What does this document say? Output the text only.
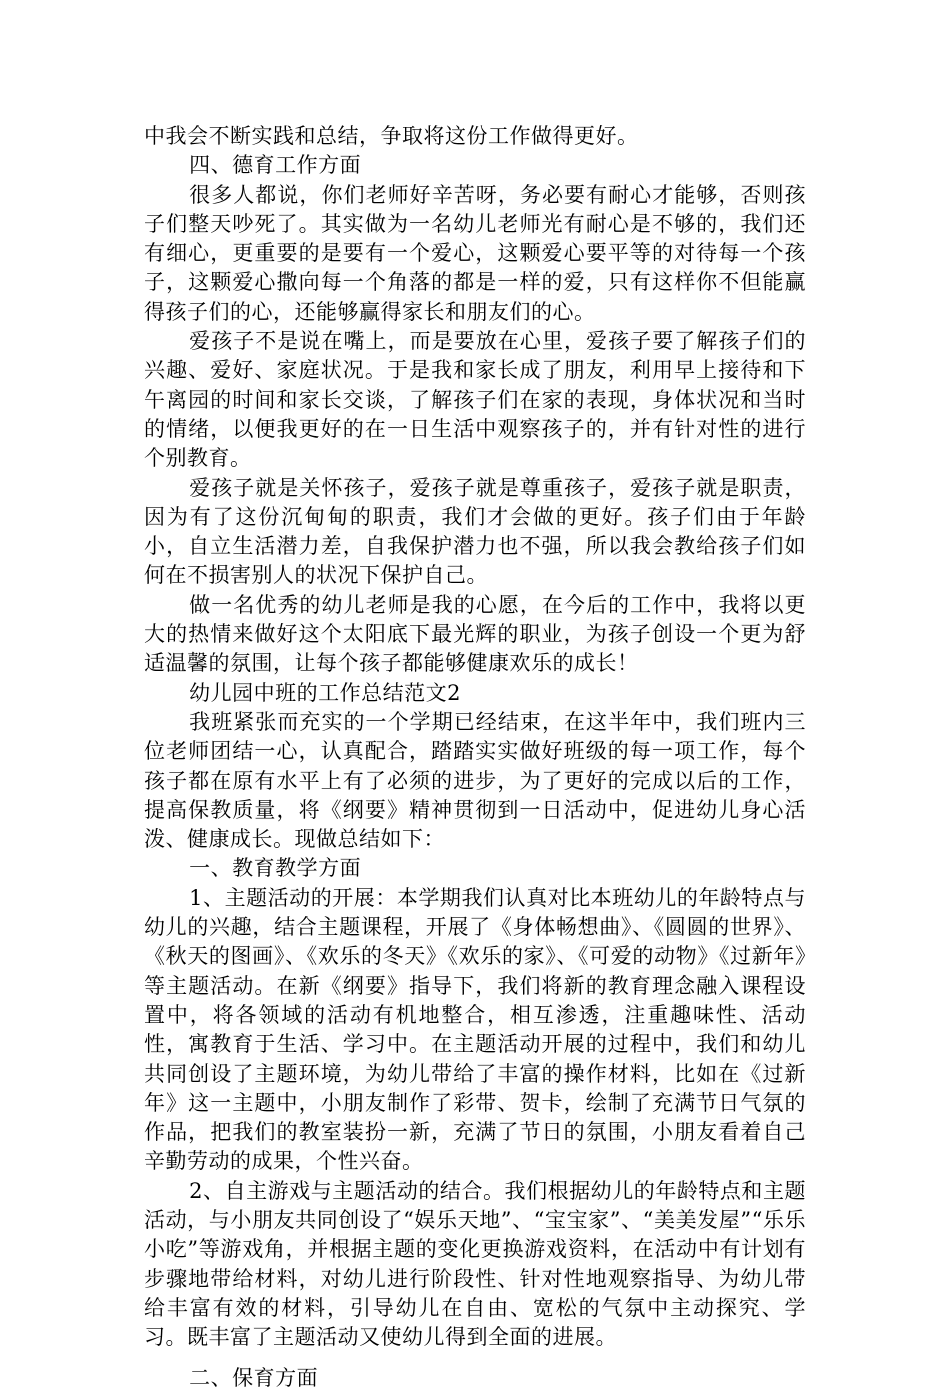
中我会不断实践和总结，争取将这份工作做得更好。

四、德育工作方面

很多人都说，你们老师好辛苦呀，务必要有耐心才能够，否则孩子们整天吵死了。其实做为一名幼儿老师光有耐心是不够的，我们还有细心，更重要的是要有一个爱心，这颗爱心要平等的对待每一个孩子，这颗爱心撒向每一个角落的都是一样的爱，只有这样你不但能赢得孩子们的心，还能够赢得家长和朋友们的心。

爱孩子不是说在嘴上，而是要放在心里，爱孩子要了解孩子们的兴趣、爱好、家庭状况。于是我和家长成了朋友，利用早上接待和下午离园的时间和家长交谈，了解孩子们在家的表现，身体状况和当时的情绪，以便我更好的在一日生活中观察孩子的，并有针对性的进行个别教育。

爱孩子就是关怀孩子，爱孩子就是尊重孩子，爱孩子就是职责，因为有了这份沉甸甸的职责，我们才会做的更好。孩子们由于年龄小，自立生活潜力差，自我保护潜力也不强，所以我会教给孩子们如何在不损害别人的状况下保护自己。

做一名优秀的幼儿老师是我的心愿，在今后的工作中，我将以更大的热情来做好这个太阳底下最光辉的职业，为孩子创设一个更为舒适温馨的氛围，让每个孩子都能够健康欢乐的成长！

幼儿园中班的工作总结范文2

我班紧张而充实的一个学期已经结束，在这半年中，我们班内三位老师团结一心，认真配合，踏踏实实做好班级的每一项工作，每个孩子都在原有水平上有了必须的进步，为了更好的完成以后的工作，提高保教质量，将《纲要》精神贯彻到一日活动中，促进幼儿身心活泼、健康成长。现做总结如下：

一、教育教学方面

1、主题活动的开展：本学期我们认真对比本班幼儿的年龄特点与幼儿的兴趣，结合主题课程，开展了《身体畅想曲》、《圆圆的世界》、《秋天的图画》、《欢乐的冬天》《欢乐的家》、《可爱的动物》《过新年》等主题活动。在新《纲要》指导下，我们将新的教育理念融入课程设置中，将各领域的活动有机地整合，相互渗透，注重趣味性、活动性，寓教育于生活、学习中。在主题活动开展的过程中，我们和幼儿共同创设了主题环境，为幼儿带给了丰富的操作材料，比如在《过新年》这一主题中，小朋友制作了彩带、贺卡，绘制了充满节日气氛的作品，把我们的教室装扮一新，充满了节日的氛围，小朋友看着自己辛勤劳动的成果，个性兴奋。

2、自主游戏与主题活动的结合。我们根据幼儿的年龄特点和主题活动，与小朋友共同创设了“娱乐天地”、“宝宝家”、“美美发屋”“乐乐小吃”等游戏角，并根据主题的变化更换游戏资料，在活动中有计划有步骤地带给材料，对幼儿进行阶段性、针对性地观察指导、为幼儿带给丰富有效的材料，引导幼儿在自由、宽松的气氛中主动探究、学习。既丰富了主题活动又使幼儿得到全面的进展。

二、保育方面
